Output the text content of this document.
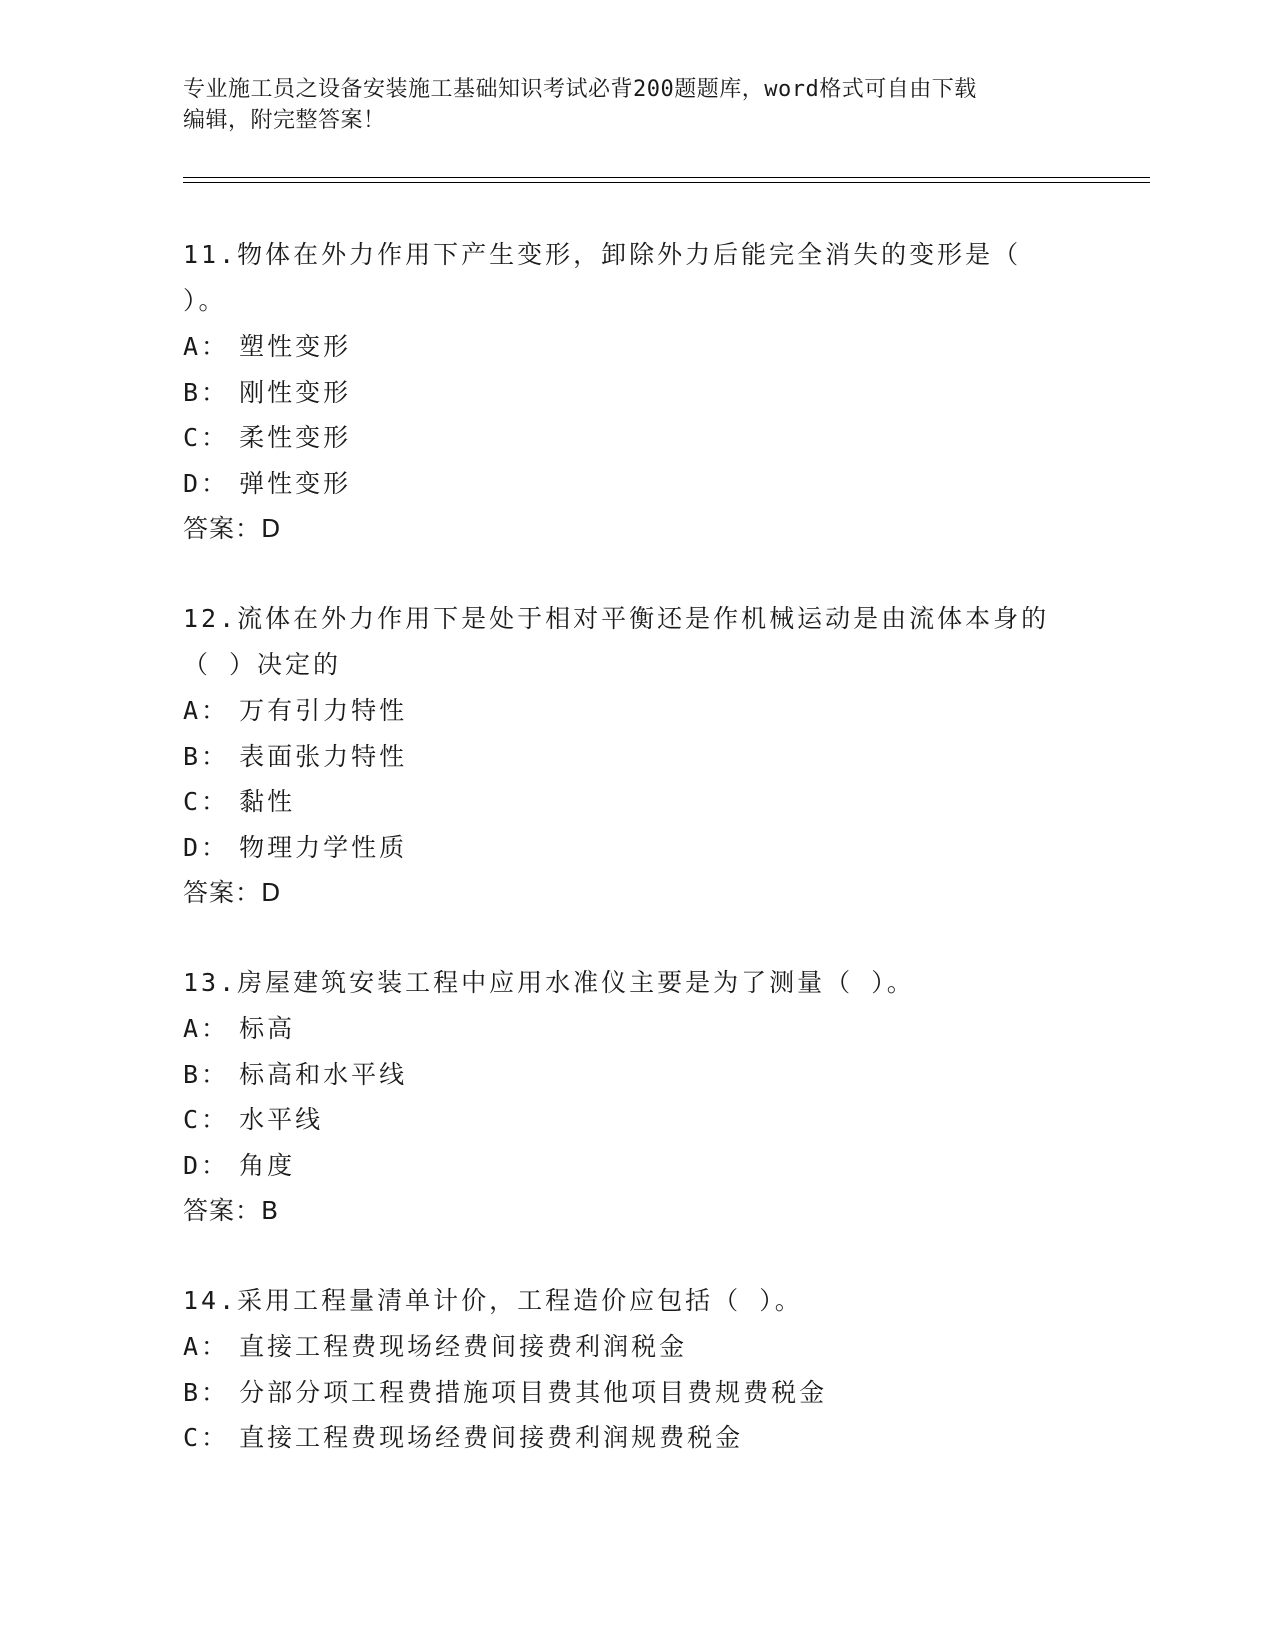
专业施工员之设备安装施工基础知识考试必背200题题库，word格式可自由下载
编辑，附完整答案！
11.物体在外力作用下产生变形，卸除外力后能完全消失的变形是（
）。
A： 塑性变形
B： 刚性变形
C： 柔性变形
D： 弹性变形
答案：D
12.流体在外力作用下是处于相对平衡还是作机械运动是由流体本身的
（ ）决定的
A： 万有引力特性
B： 表面张力特性
C： 黏性
D： 物理力学性质
答案：D
13.房屋建筑安装工程中应用水准仪主要是为了测量（ ）。
A： 标高
B： 标高和水平线
C： 水平线
D： 角度
答案：B
14.采用工程量清单计价，工程造价应包括（ ）。
A： 直接工程费现场经费间接费利润税金
B： 分部分项工程费措施项目费其他项目费规费税金
C： 直接工程费现场经费间接费利润规费税金
